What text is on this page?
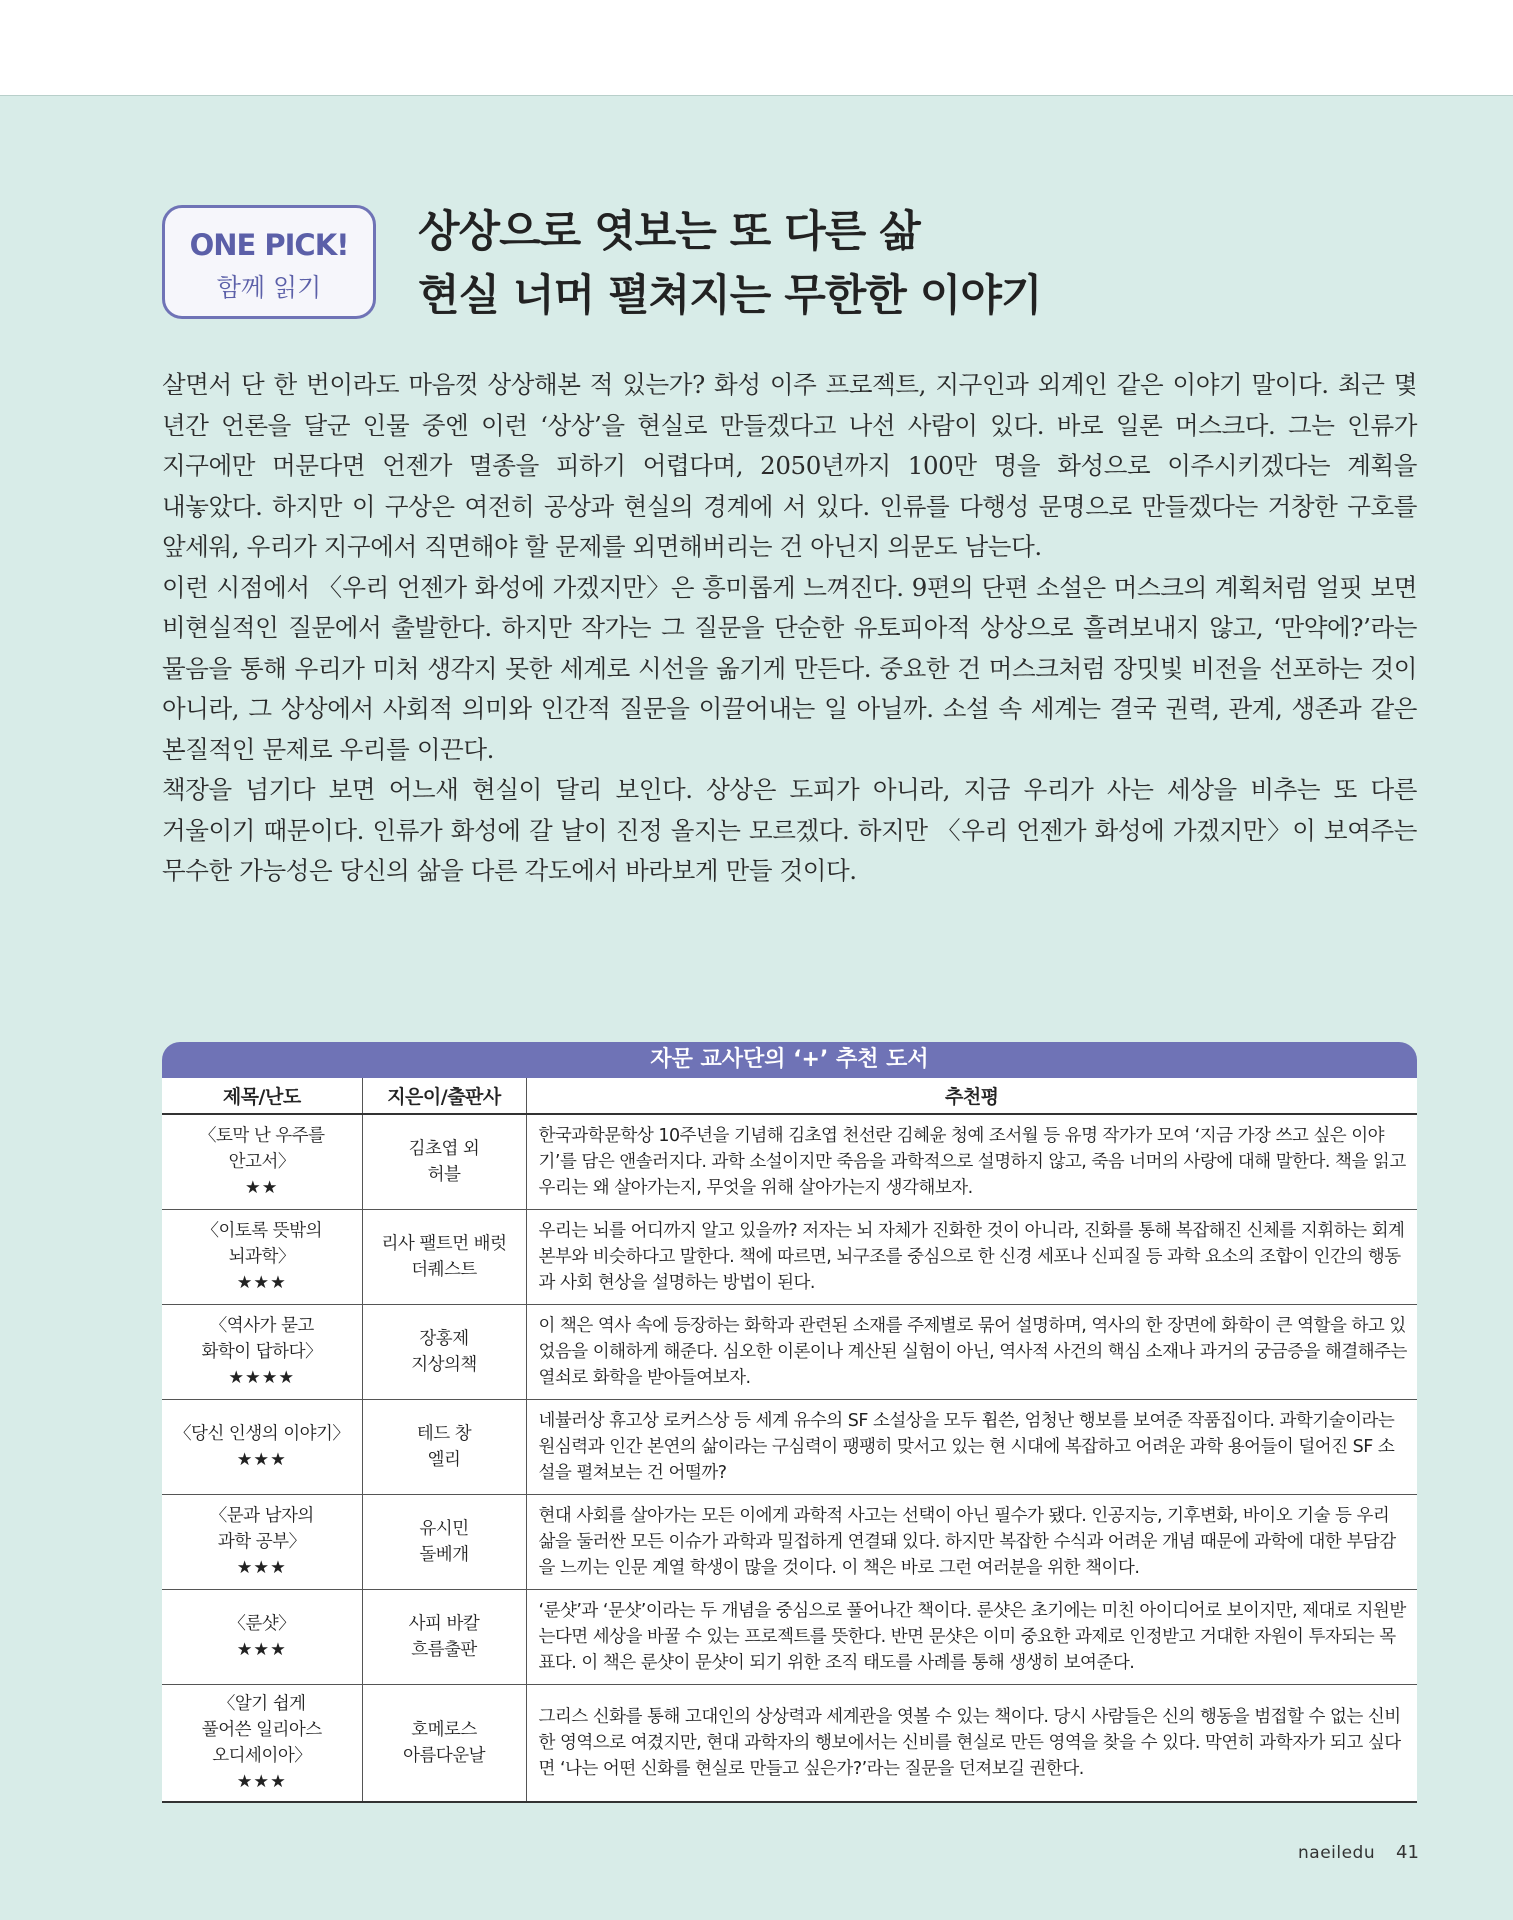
ONE PICK!
함께 읽기
상상으로 엿보는 또 다른 삶
현실 너머 펼쳐지는 무한한 이야기

살면서 단 한 번이라도 마음껏 상상해본 적 있는가? 화성 이주 프로젝트, 지구인과 외계인 같은 이야기 말이다. 최근 몇 년간 언론을 달군 인물 중엔 이런 ‘상상’을 현실로 만들겠다고 나선 사람이 있다. 바로 일론 머스크다. 그는 인류가 지구에만 머문다면 언젠가 멸종을 피하기 어렵다며, 2050년까지 100만 명을 화성으로 이주시키겠다는 계획을 내놓았다. 하지만 이 구상은 여전히 공상과 현실의 경계에 서 있다. 인류를 다행성 문명으로 만들겠다는 거창한 구호를 앞세워, 우리가 지구에서 직면해야 할 문제를 외면해버리는 건 아닌지 의문도 남는다.

이런 시점에서 〈우리 언젠가 화성에 가겠지만〉은 흥미롭게 느껴진다. 9편의 단편 소설은 머스크의 계획처럼 얼핏 보면 비현실적인 질문에서 출발한다. 하지만 작가는 그 질문을 단순한 유토피아적 상상으로 흘려보내지 않고, ‘만약에?’라는 물음을 통해 우리가 미처 생각지 못한 세계로 시선을 옮기게 만든다. 중요한 건 머스크처럼 장밋빛 비전을 선포하는 것이 아니라, 그 상상에서 사회적 의미와 인간적 질문을 이끌어내는 일 아닐까. 소설 속 세계는 결국 권력, 관계, 생존과 같은 본질적인 문제로 우리를 이끈다.

책장을 넘기다 보면 어느새 현실이 달리 보인다. 상상은 도피가 아니라, 지금 우리가 사는 세상을 비추는 또 다른 거울이기 때문이다. 인류가 화성에 갈 날이 진정 올지는 모르겠다. 하지만 〈우리 언젠가 화성에 가겠지만〉이 보여주는 무수한 가능성은 당신의 삶을 다른 각도에서 바라보게 만들 것이다.

자문 교사단의 ‘+’ 추천 도서
제목/난도	지은이/출판사	추천평

〈토막 난 우주를
안고서〉
★★	김초엽 외
허블	한국과학문학상 10주년을 기념해 김초엽 천선란 김혜윤 청예 조서월 등 유명 작가가 모여 ‘지금 가장 쓰고 싶은 이야기’를 담은 앤솔러지다. 과학 소설이지만 죽음을 과학적으로 설명하지 않고, 죽음 너머의 사랑에 대해 말한다. 책을 읽고 우리는 왜 살아가는지, 무엇을 위해 살아가는지 생각해보자.

〈이토록 뜻밖의
뇌과학〉
★★★	리사 팰트먼 배럿
더퀘스트	우리는 뇌를 어디까지 알고 있을까? 저자는 뇌 자체가 진화한 것이 아니라, 진화를 통해 복잡해진 신체를 지휘하는 회계 본부와 비슷하다고 말한다. 책에 따르면, 뇌구조를 중심으로 한 신경 세포나 신피질 등 과학 요소의 조합이 인간의 행동과 사회 현상을 설명하는 방법이 된다.

〈역사가 묻고
화학이 답하다〉
★★★★	장홍제
지상의책	이 책은 역사 속에 등장하는 화학과 관련된 소재를 주제별로 묶어 설명하며, 역사의 한 장면에 화학이 큰 역할을 하고 있었음을 이해하게 해준다. 심오한 이론이나 계산된 실험이 아닌, 역사적 사건의 핵심 소재나 과거의 궁금증을 해결해주는 열쇠로 화학을 받아들여보자.

〈당신 인생의 이야기〉
★★★	테드 창
엘리	네뷸러상 휴고상 로커스상 등 세계 유수의 SF 소설상을 모두 휩쓴, 엄청난 행보를 보여준 작품집이다. 과학기술이라는 원심력과 인간 본연의 삶이라는 구심력이 팽팽히 맞서고 있는 현 시대에 복잡하고 어려운 과학 용어들이 덜어진 SF 소설을 펼쳐보는 건 어떨까?

〈문과 남자의
과학 공부〉
★★★	유시민
돌베개	현대 사회를 살아가는 모든 이에게 과학적 사고는 선택이 아닌 필수가 됐다. 인공지능, 기후변화, 바이오 기술 등 우리 삶을 둘러싼 모든 이슈가 과학과 밀접하게 연결돼 있다. 하지만 복잡한 수식과 어려운 개념 때문에 과학에 대한 부담감을 느끼는 인문 계열 학생이 많을 것이다. 이 책은 바로 그런 여러분을 위한 책이다.

〈룬샷〉
★★★	사피 바칼
흐름출판	‘룬샷’과 ‘문샷’이라는 두 개념을 중심으로 풀어나간 책이다. 룬샷은 초기에는 미친 아이디어로 보이지만, 제대로 지원받는다면 세상을 바꿀 수 있는 프로젝트를 뜻한다. 반면 문샷은 이미 중요한 과제로 인정받고 거대한 자원이 투자되는 목표다. 이 책은 룬샷이 문샷이 되기 위한 조직 태도를 사례를 통해 생생히 보여준다.

〈알기 쉽게
풀어쓴 일리아스
오디세이아〉
★★★	호메로스
아름다운날	그리스 신화를 통해 고대인의 상상력과 세계관을 엿볼 수 있는 책이다. 당시 사람들은 신의 행동을 범접할 수 없는 신비한 영역으로 여겼지만, 현대 과학자의 행보에서는 신비를 현실로 만든 영역을 찾을 수 있다. 막연히 과학자가 되고 싶다면 ‘나는 어떤 신화를 현실로 만들고 싶은가?’라는 질문을 던져보길 권한다.
naeiledu 41
